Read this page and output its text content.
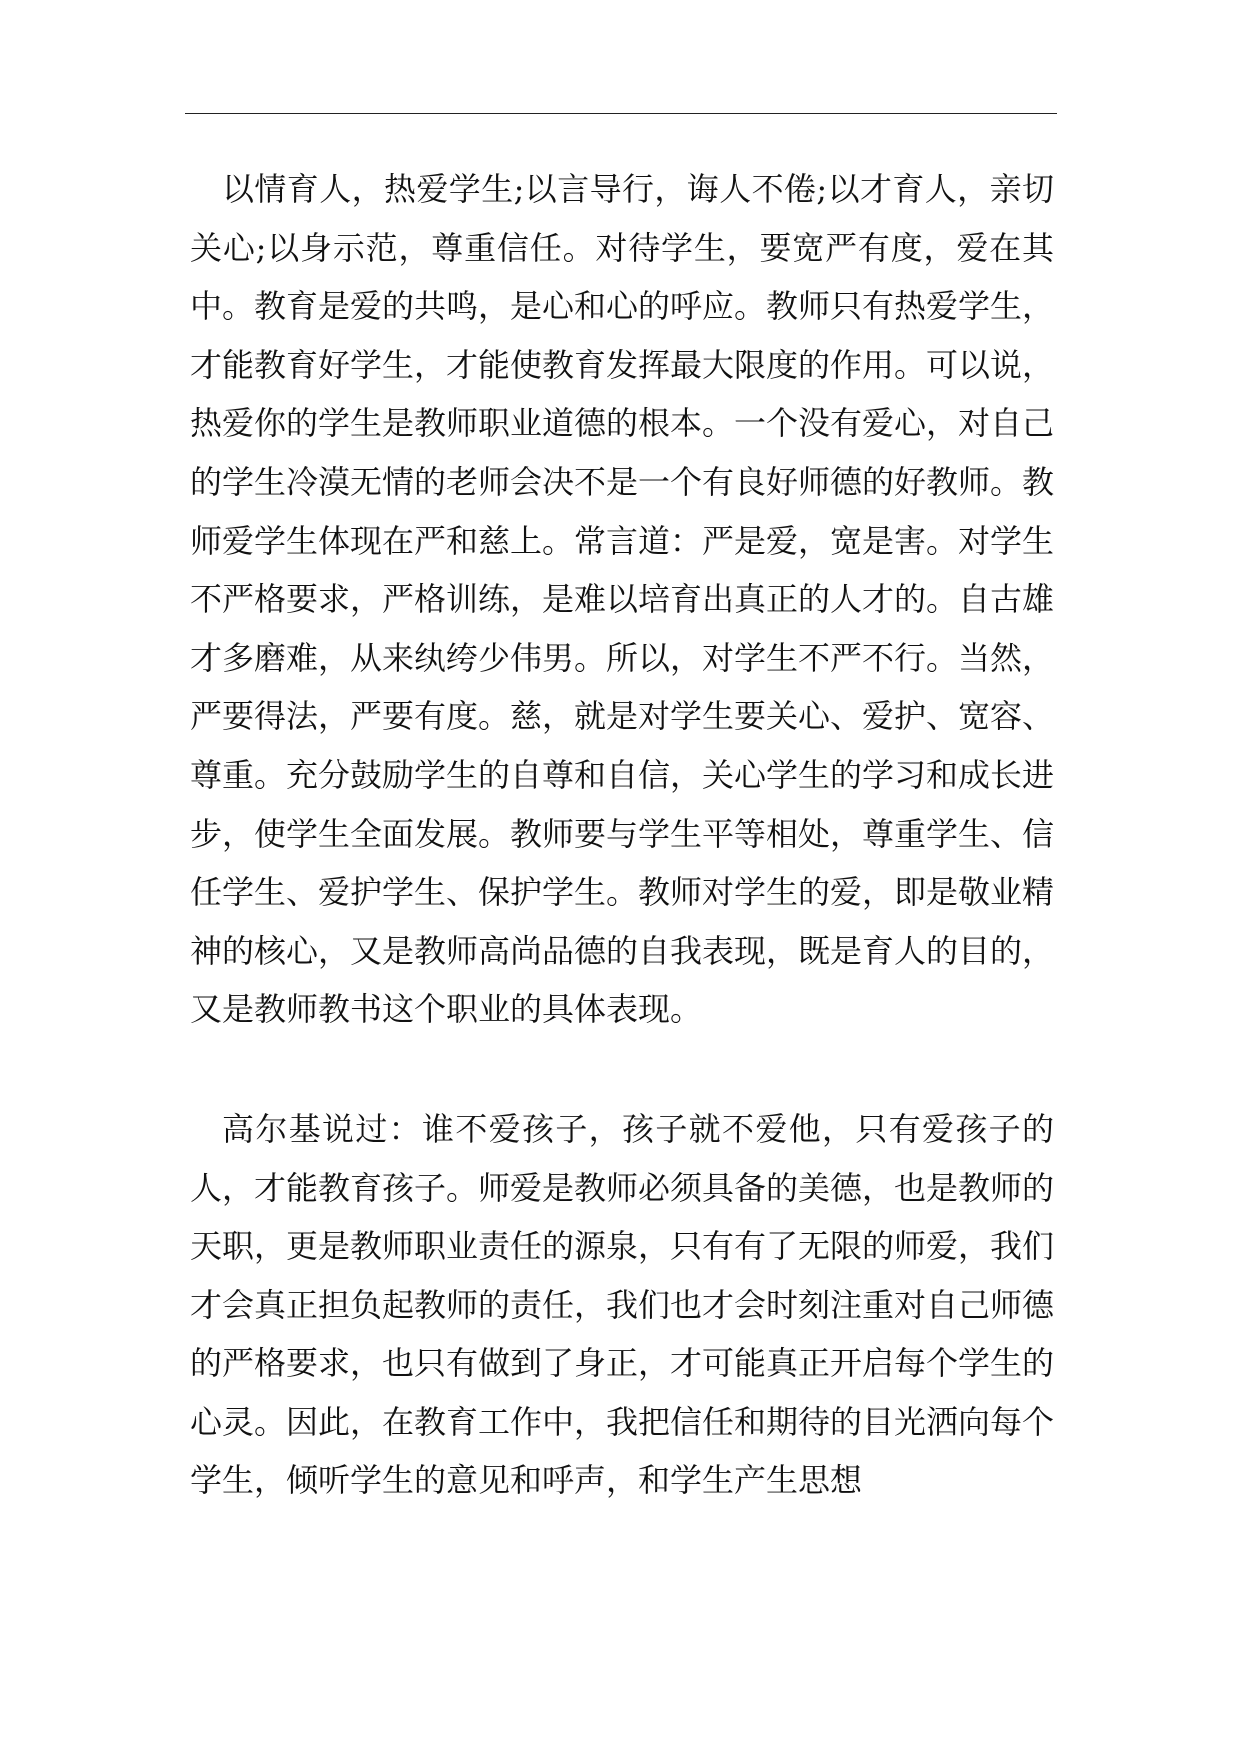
以情育人，热爱学生;以言导行，诲人不倦;以才育人，亲切关心;以身示范，尊重信任。对待学生，要宽严有度，爱在其中。教育是爱的共鸣，是心和心的呼应。教师只有热爱学生，才能教育好学生，才能使教育发挥最大限度的作用。可以说，热爱你的学生是教师职业道德的根本。一个没有爱心，对自己的学生冷漠无情的老师会决不是一个有良好师德的好教师。教师爱学生体现在严和慈上。常言道：严是爱，宽是害。对学生不严格要求，严格训练，是难以培育出真正的人才的。自古雄才多磨难，从来纨绔少伟男。所以，对学生不严不行。当然，严要得法，严要有度。慈，就是对学生要关心、爱护、宽容、尊重。充分鼓励学生的自尊和自信，关心学生的学习和成长进步，使学生全面发展。教师要与学生平等相处，尊重学生、信任学生、爱护学生、保护学生。教师对学生的爱，即是敬业精神的核心，又是教师高尚品德的自我表现，既是育人的目的，又是教师教书这个职业的具体表现。

高尔基说过：谁不爱孩子，孩子就不爱他，只有爱孩子的人，才能教育孩子。师爱是教师必须具备的美德，也是教师的天职，更是教师职业责任的源泉，只有有了无限的师爱，我们才会真正担负起教师的责任，我们也才会时刻注重对自己师德的严格要求，也只有做到了身正，才可能真正开启每个学生的心灵。因此，在教育工作中，我把信任和期待的目光洒向每个学生，倾听学生的意见和呼声，和学生产生思想
